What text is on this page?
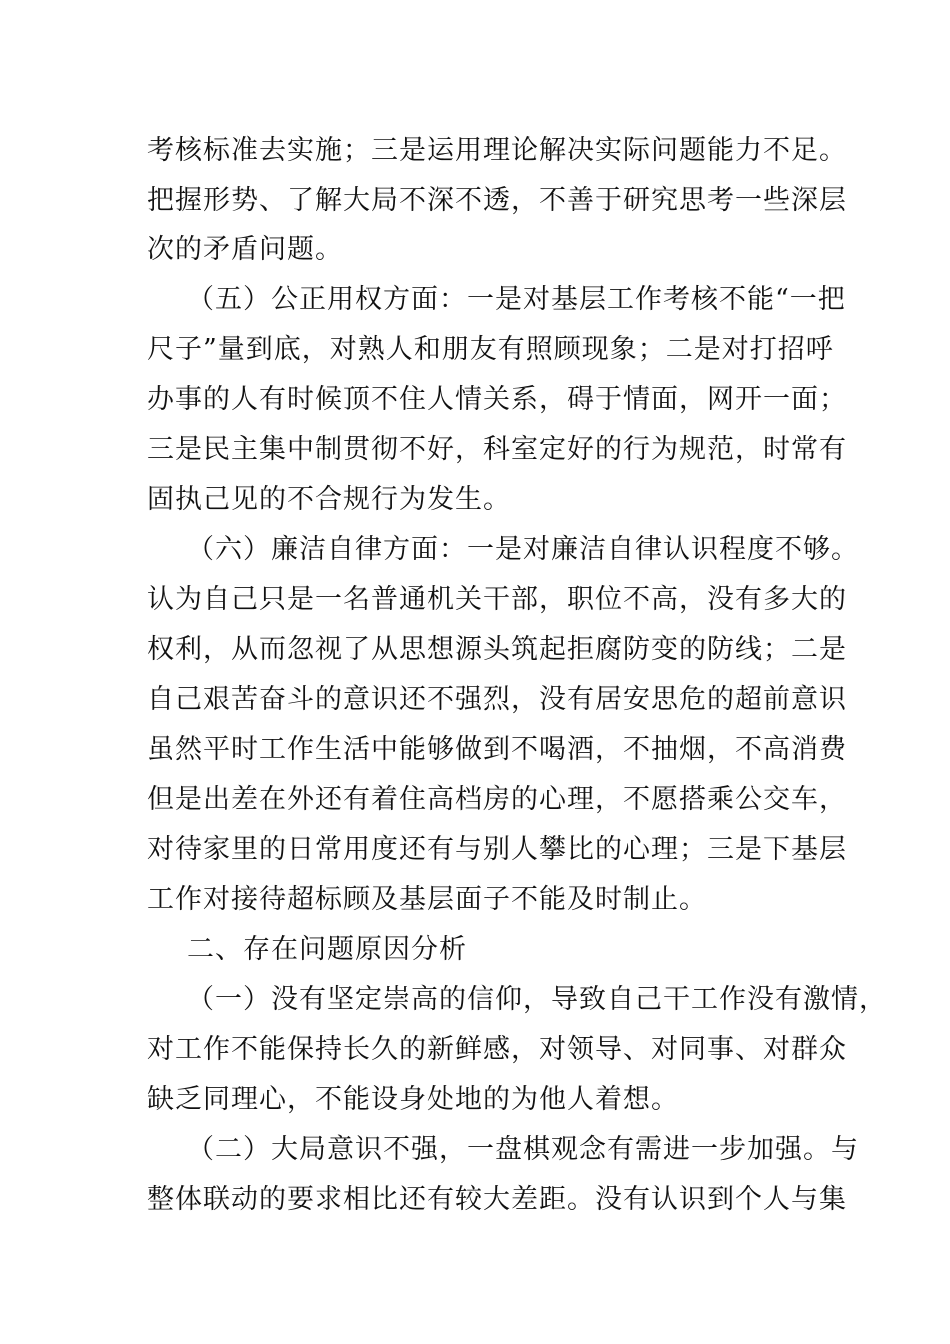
考核标准去实施；三是运用理论解决实际问题能力不足。
把握形势、了解大局不深不透，不善于研究思考一些深层
次的矛盾问题。
（五）公正用权方面：一是对基层工作考核不能“一把
尺子”量到底，对熟人和朋友有照顾现象；二是对打招呼
办事的人有时候顶不住人情关系，碍于情面，网开一面；
三是民主集中制贯彻不好，科室定好的行为规范，时常有
固执己见的不合规行为发生。
（六）廉洁自律方面：一是对廉洁自律认识程度不够。
认为自己只是一名普通机关干部，职位不高，没有多大的
权利，从而忽视了从思想源头筑起拒腐防变的防线；二是
自己艰苦奋斗的意识还不强烈，没有居安思危的超前意识
虽然平时工作生活中能够做到不喝酒，不抽烟，不高消费
但是出差在外还有着住高档房的心理，不愿搭乘公交车，
对待家里的日常用度还有与别人攀比的心理；三是下基层
工作对接待超标顾及基层面子不能及时制止。
二、存在问题原因分析
（一）没有坚定崇高的信仰，导致自己干工作没有激情，
对工作不能保持长久的新鲜感，对领导、对同事、对群众
缺乏同理心，不能设身处地的为他人着想。
（二）大局意识不强，一盘棋观念有需进一步加强。与
整体联动的要求相比还有较大差距。没有认识到个人与集
